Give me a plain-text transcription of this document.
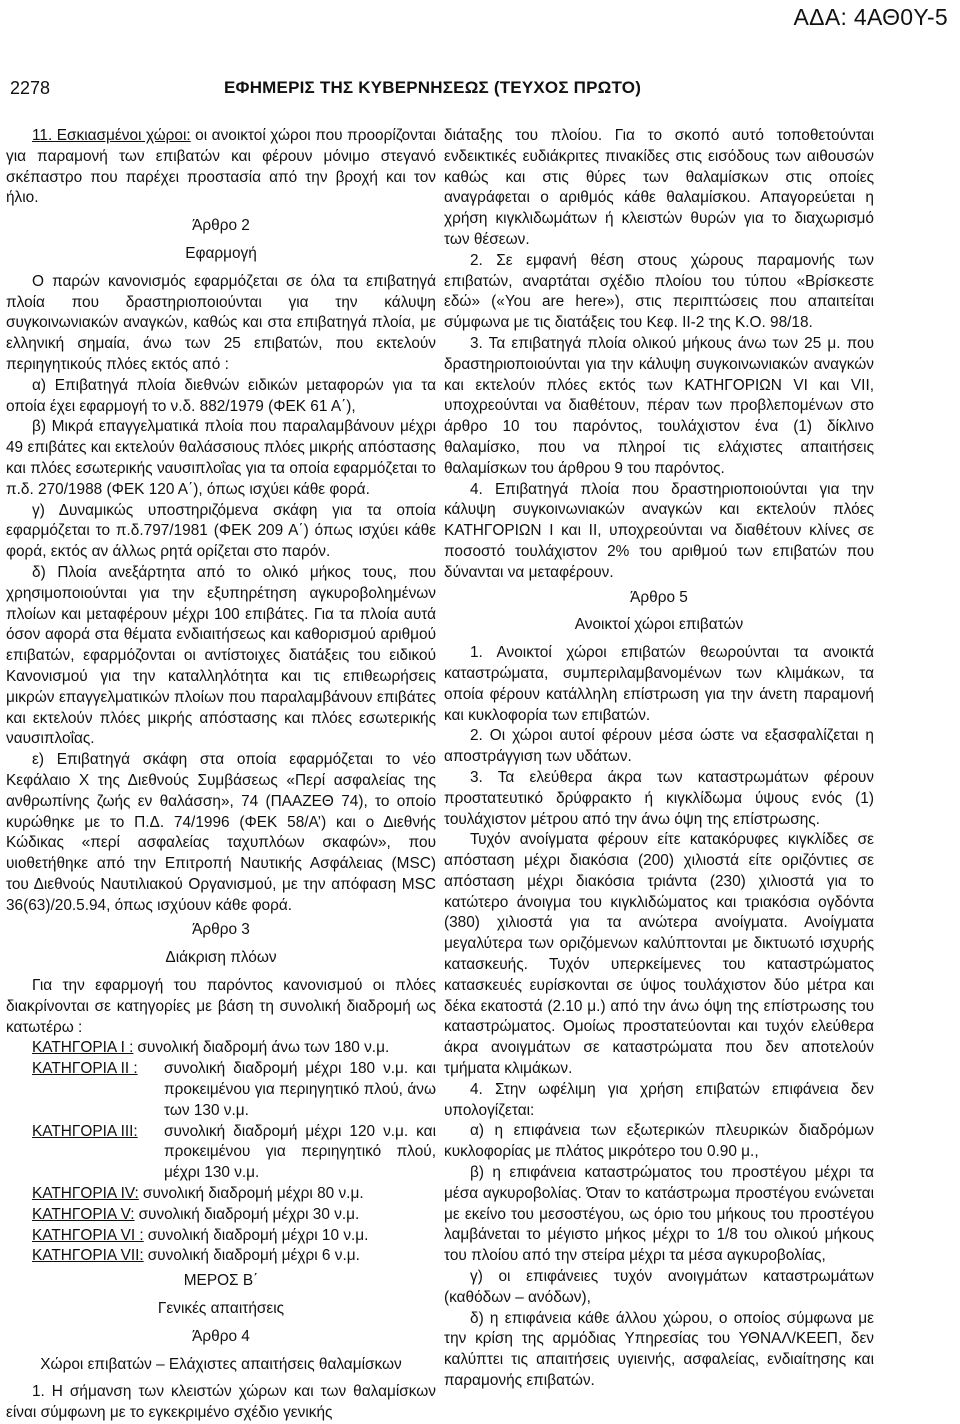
ΑΔΑ: 4ΑΘ0Υ-5
2278	ΕΦΗΜΕΡΙΣ ΤΗΣ ΚΥΒΕΡΝΗΣΕΩΣ (ΤΕΥΧΟΣ ΠΡΩΤΟ)

11. Εσκιασμένοι χώροι: οι ανοικτοί χώροι που προορίζονται για παραμονή των επιβατών και φέρουν μόνιμο στεγανό σκέπαστρο που παρέχει προστασία από την βροχή και τον ήλιο.

Άρθρο 2
Εφαρμογή

Ο παρών κανονισμός εφαρμόζεται σε όλα τα επιβατηγά πλοία που δραστηριοποιούνται για την κάλυψη συγκοινωνιακών αναγκών, καθώς και στα επιβατηγά πλοία, με ελληνική σημαία, άνω των 25 επιβατών, που εκτελούν περιηγητικούς πλόες εκτός από :

α) Επιβατηγά πλοία διεθνών ειδικών μεταφορών για τα οποία έχει εφαρμογή το ν.δ. 882/1979 (ΦΕΚ 61 Α΄),

β) Μικρά επαγγελματικά πλοία που παραλαμβάνουν μέχρι 49 επιβάτες και εκτελούν θαλάσσιους πλόες μικρής απόστασης και πλόες εσωτερικής ναυσιπλοΐας για τα οποία εφαρμόζεται το π.δ. 270/1988 (ΦΕΚ 120 Α΄), όπως ισχύει κάθε φορά.

γ) Δυναμικώς υποστηριζόμενα σκάφη για τα οποία εφαρμόζεται το π.δ.797/1981 (ΦΕΚ 209 Α΄) όπως ισχύει κάθε φορά, εκτός αν άλλως ρητά ορίζεται στο παρόν.

δ) Πλοία ανεξάρτητα από το ολικό μήκος τους, που χρησιμοποιούνται για την εξυπηρέτηση αγκυροβολημένων πλοίων και μεταφέρουν μέχρι 100 επιβάτες. Για τα πλοία αυτά όσον αφορά στα θέματα ενδιαιτήσεως και καθορισμού αριθμού επιβατών, εφαρμόζονται οι αντίστοιχες διατάξεις του ειδικού Κανονισμού για την καταλληλότητα και τις επιθεωρήσεις μικρών επαγγελματικών πλοίων που παραλαμβάνουν επιβάτες και εκτελούν πλόες μικρής απόστασης και πλόες εσωτερικής ναυσιπλοΐας.

ε) Επιβατηγά σκάφη στα οποία εφαρμόζεται το νέο Κεφάλαιο Χ της Διεθνούς Συμβάσεως «Περί ασφαλείας της ανθρωπίνης ζωής εν θαλάσση», 74 (ΠΑΑΖΕΘ 74), το οποίο κυρώθηκε με το Π.Δ. 74/1996 (ΦΕΚ 58/Α’) και ο Διεθνής Κώδικας «περί ασφαλείας ταχυπλόων σκαφών», που υιοθετήθηκε από την Επιτροπή Ναυτικής Ασφάλειας (MSC) του Διεθνούς Ναυτιλιακού Οργανισμού, με την απόφαση MSC 36(63)/20.5.94, όπως ισχύουν κάθε φορά.

Άρθρο 3
Διάκριση πλόων

Για την εφαρμογή του παρόντος κανονισμού οι πλόες διακρίνονται σε κατηγορίες με βάση τη συνολική διαδρομή ως κατωτέρω :

ΚΑΤΗΓΟΡΙΑ Ι : συνολική διαδρομή άνω των 180 ν.μ.
ΚΑΤΗΓΟΡΙΑ ΙΙ :	συνολική διαδρομή μέχρι 180 ν.μ. και προκειμένου για περιηγητικό πλού, άνω των 130 ν.μ.
ΚΑΤΗΓΟΡΙΑ ΙΙΙ:	συνολική διαδρομή μέχρι 120 ν.μ. και προκειμένου για περιηγητικό πλού, μέχρι 130 ν.μ.
ΚΑΤΗΓΟΡΙΑ IV: συνολική διαδρομή μέχρι 80 ν.μ.
ΚΑΤΗΓΟΡΙΑ V: συνολική διαδρομή μέχρι 30 ν.μ.
ΚΑΤΗΓΟΡΙΑ VI : συνολική διαδρομή μέχρι 10 ν.μ.
ΚΑΤΗΓΟΡΙΑ VII: συνολική διαδρομή μέχρι 6 ν.μ.
ΜΕΡΟΣ Β΄
Γενικές απαιτήσεις
Άρθρο 4
Χώροι επιβατών – Ελάχιστες απαιτήσεις θαλαμίσκων

1. Η σήμανση των κλειστών χώρων και των θαλαμίσκων είναι σύμφωνη με το εγκεκριμένο σχέδιο γενικής

διάταξης του πλοίου. Για το σκοπό αυτό τοποθετούνται ενδεικτικές ευδιάκριτες πινακίδες στις εισόδους των αιθουσών καθώς και στις θύρες των θαλαμίσκων στις οποίες αναγράφεται ο αριθμός κάθε θαλαμίσκου. Απαγορεύεται η χρήση κιγκλιδωμάτων ή κλειστών θυρών για το διαχωρισμό των θέσεων.

2. Σε εμφανή θέση στους χώρους παραμονής των επιβατών, αναρτάται σχέδιο πλοίου του τύπου «Βρίσκεστε εδώ» («You are here»), στις περιπτώσεις που απαιτείται σύμφωνα με τις διατάξεις του Κεφ. ΙΙ-2 της Κ.Ο. 98/18.

3. Τα επιβατηγά πλοία ολικού μήκους άνω των 25 μ. που δραστηριοποιούνται για την κάλυψη συγκοινωνιακών αναγκών και εκτελούν πλόες εκτός των ΚΑΤΗΓΟΡΙΩΝ VI και VII, υποχρεούνται να διαθέτουν, πέραν των προβλεπομένων στο άρθρο 10 του παρόντος, τουλάχιστον ένα (1) δίκλινο θαλαμίσκο, που να πληροί τις ελάχιστες απαιτήσεις θαλαμίσκων του άρθρου 9 του παρόντος.

4. Επιβατηγά πλοία που δραστηριοποιούνται για την κάλυψη συγκοινωνιακών αναγκών και εκτελούν πλόες ΚΑΤΗΓΟΡΙΩΝ Ι και ΙΙ, υποχρεούνται να διαθέτουν κλίνες σε ποσοστό τουλάχιστον 2% του αριθμού των επιβατών που δύνανται να μεταφέρουν.

Άρθρο 5
Ανοικτοί χώροι επιβατών

1. Ανοικτοί χώροι επιβατών θεωρούνται τα ανοικτά καταστρώματα, συμπεριλαμβανομένων των κλιμάκων, τα οποία φέρουν κατάλληλη επίστρωση για την άνετη παραμονή και κυκλοφορία των επιβατών.

2. Οι χώροι αυτοί φέρουν μέσα ώστε να εξασφαλίζεται η αποστράγγιση των υδάτων.

3. Τα ελεύθερα άκρα των καταστρωμάτων φέρουν προστατευτικό δρύφρακτο ή κιγκλίδωμα ύψους ενός (1) τουλάχιστον μέτρου από την άνω όψη της επίστρωσης.

Τυχόν ανοίγματα φέρουν είτε κατακόρυφες κιγκλίδες σε απόσταση μέχρι διακόσια (200) χιλιοστά είτε οριζόντιες σε απόσταση μέχρι διακόσια τριάντα (230) χιλιοστά για το κατώτερο άνοιγμα του κιγκλιδώματος και τριακόσια ογδόντα (380) χιλιοστά για τα ανώτερα ανοίγματα. Ανοίγματα μεγαλύτερα των οριζόμενων καλύπτονται με δικτυωτό ισχυρής κατασκευής. Τυχόν υπερκείμενες του καταστρώματος κατασκευές ευρίσκονται σε ύψος τουλάχιστον δύο μέτρα και δέκα εκατοστά (2.10 μ.) από την άνω όψη της επίστρωσης του καταστρώματος. Ομοίως προστατεύονται και τυχόν ελεύθερα άκρα ανοιγμάτων σε καταστρώματα που δεν αποτελούν τμήματα κλιμάκων.

4. Στην ωφέλιμη για χρήση επιβατών επιφάνεια δεν υπολογίζεται:

α) η επιφάνεια των εξωτερικών πλευρικών διαδρόμων κυκλοφορίας με πλάτος μικρότερο του 0.90 μ.,

β) η επιφάνεια καταστρώματος του προστέγου μέχρι τα μέσα αγκυροβολίας. Όταν το κατάστρωμα προστέγου ενώνεται με εκείνο του μεσοστέγου, ως όριο του μήκους του προστέγου λαμβάνεται το μέγιστο μήκος μέχρι το 1/8 του ολικού μήκους του πλοίου από την στείρα μέχρι τα μέσα αγκυροβολίας,

γ) οι επιφάνειες τυχόν ανοιγμάτων καταστρωμάτων (καθόδων – ανόδων),

δ) η επιφάνεια κάθε άλλου χώρου, ο οποίος σύμφωνα με την κρίση της αρμόδιας Υπηρεσίας του ΥΘΝΑΛ/ΚΕΕΠ, δεν καλύπτει τις απαιτήσεις υγιεινής, ασφαλείας, ενδιαίτησης και παραμονής επιβατών.
